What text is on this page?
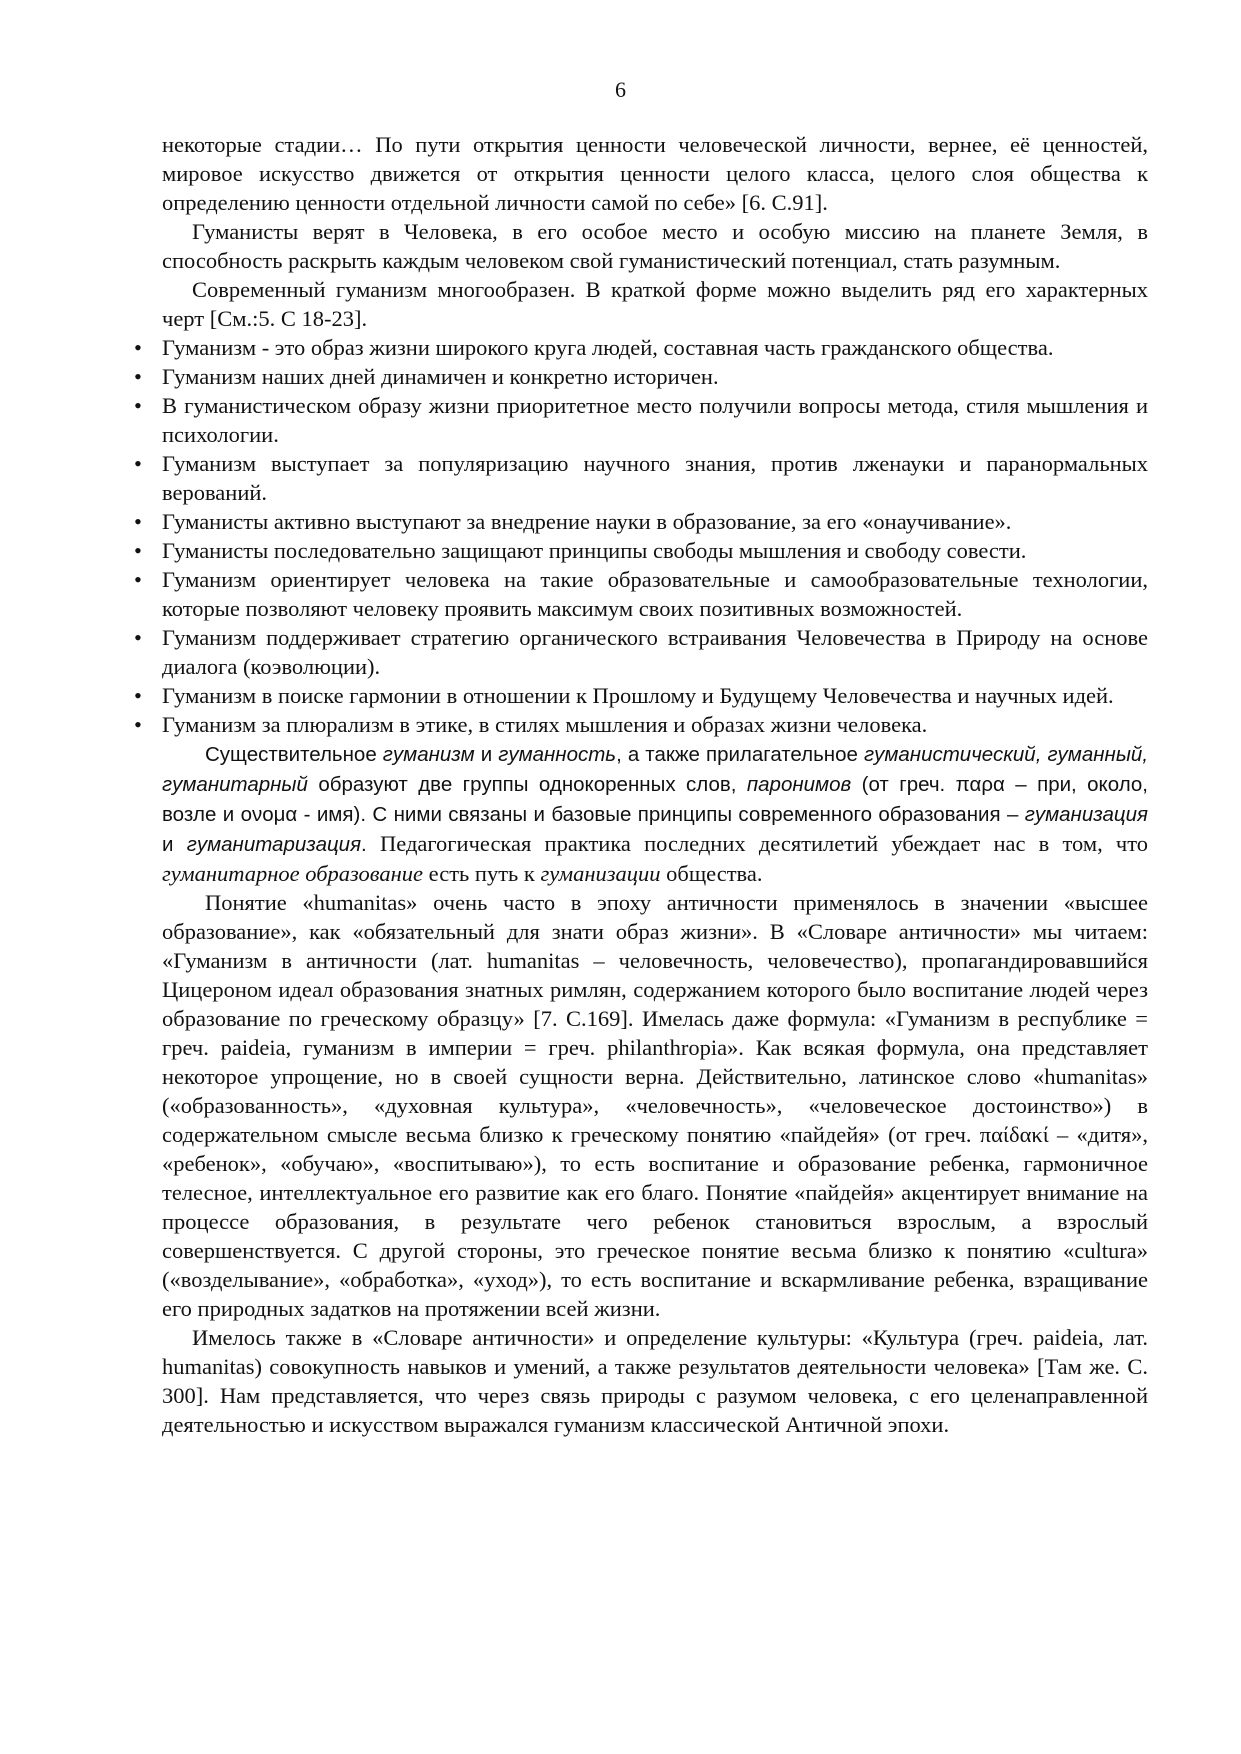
6

некоторые стадии… По пути открытия ценности человеческой личности, вернее, её ценностей, мировое искусство движется от открытия ценности целого класса, целого слоя общества к определению ценности отдельной личности самой по себе» [6. С.91].

Гуманисты верят в Человека, в его особое место и особую миссию на планете Земля, в способность раскрыть каждым человеком свой гуманистический потенциал, стать разумным.

Современный гуманизм многообразен. В краткой форме можно выделить ряд его характерных черт [См.:5. С 18-23].

• Гуманизм - это образ жизни широкого круга людей, составная часть гражданского общества.
• Гуманизм наших дней динамичен и конкретно историчен.
• В гуманистическом образу жизни приоритетное место получили вопросы метода, стиля мышления и психологии.
• Гуманизм выступает за популяризацию научного знания, против лженауки и паранормальных верований.
• Гуманисты активно выступают за внедрение науки в образование, за его «онаучивание».
• Гуманисты последовательно защищают принципы свободы мышления и свободу совести.
• Гуманизм ориентирует человека на такие образовательные и самообразовательные технологии, которые позволяют человеку проявить максимум своих позитивных возможностей.
• Гуманизм поддерживает стратегию органического встраивания Человечества в Природу на основе диалога (коэволюции).
• Гуманизм в поиске гармонии в отношении к Прошлому и Будущему Человечества и научных идей.
• Гуманизм за плюрализм в этике, в стилях мышления и образах жизни человека.

Существительное гуманизм и гуманность, а также прилагательное гуманистический, гуманный, гуманитарный образуют две группы однокоренных слов, паронимов (от греч. παρα – при, около, возле и ονομα - имя). С ними связаны и базовые принципы современного образования – гуманизация и гуманитаризация. Педагогическая практика последних десятилетий убеждает нас в том, что гуманитарное образование есть путь к гуманизации общества.

Понятие «humanitas» очень часто в эпоху античности применялось в значении «высшее образование», как «обязательный для знати образ жизни». В «Словаре античности» мы читаем: «Гуманизм в античности (лат. humanitas – человечность, человечество), пропагандировавшийся Цицероном идеал образования знатных римлян, содержанием которого было воспитание людей через образование по греческому образцу» [7. С.169]. Имелась даже формула: «Гуманизм в республике = греч. paideia, гуманизм в империи = греч. philanthropia». Как всякая формула, она представляет некоторое упрощение, но в своей сущности верна. Действительно, латинское слово «humanitas» («образованность», «духовная культура», «человечность», «человеческое достоинство») в содержательном смысле весьма близко к греческому понятию «пайдейя» (от греч. παίδακί – «дитя», «ребенок», «обучаю», «воспитываю»), то есть воспитание и образование ребенка, гармоничное телесное, интеллектуальное его развитие как его благо. Понятие «пайдейя» акцентирует внимание на процессе образования, в результате чего ребенок становиться взрослым, а взрослый совершенствуется. С другой стороны, это греческое понятие весьма близко к понятию «cultura» («возделывание», «обработка», «уход»), то есть воспитание и вскармливание ребенка, взращивание его природных задатков на протяжении всей жизни.

Имелось также в «Словаре античности» и определение культуры: «Культура (греч. paideia, лат. humanitas) совокупность навыков и умений, а также результатов деятельности человека» [Там же. С. 300]. Нам представляется, что через связь природы с разумом человека, с его целенаправленной деятельностью и искусством выражался гуманизм классической Античной эпохи.
